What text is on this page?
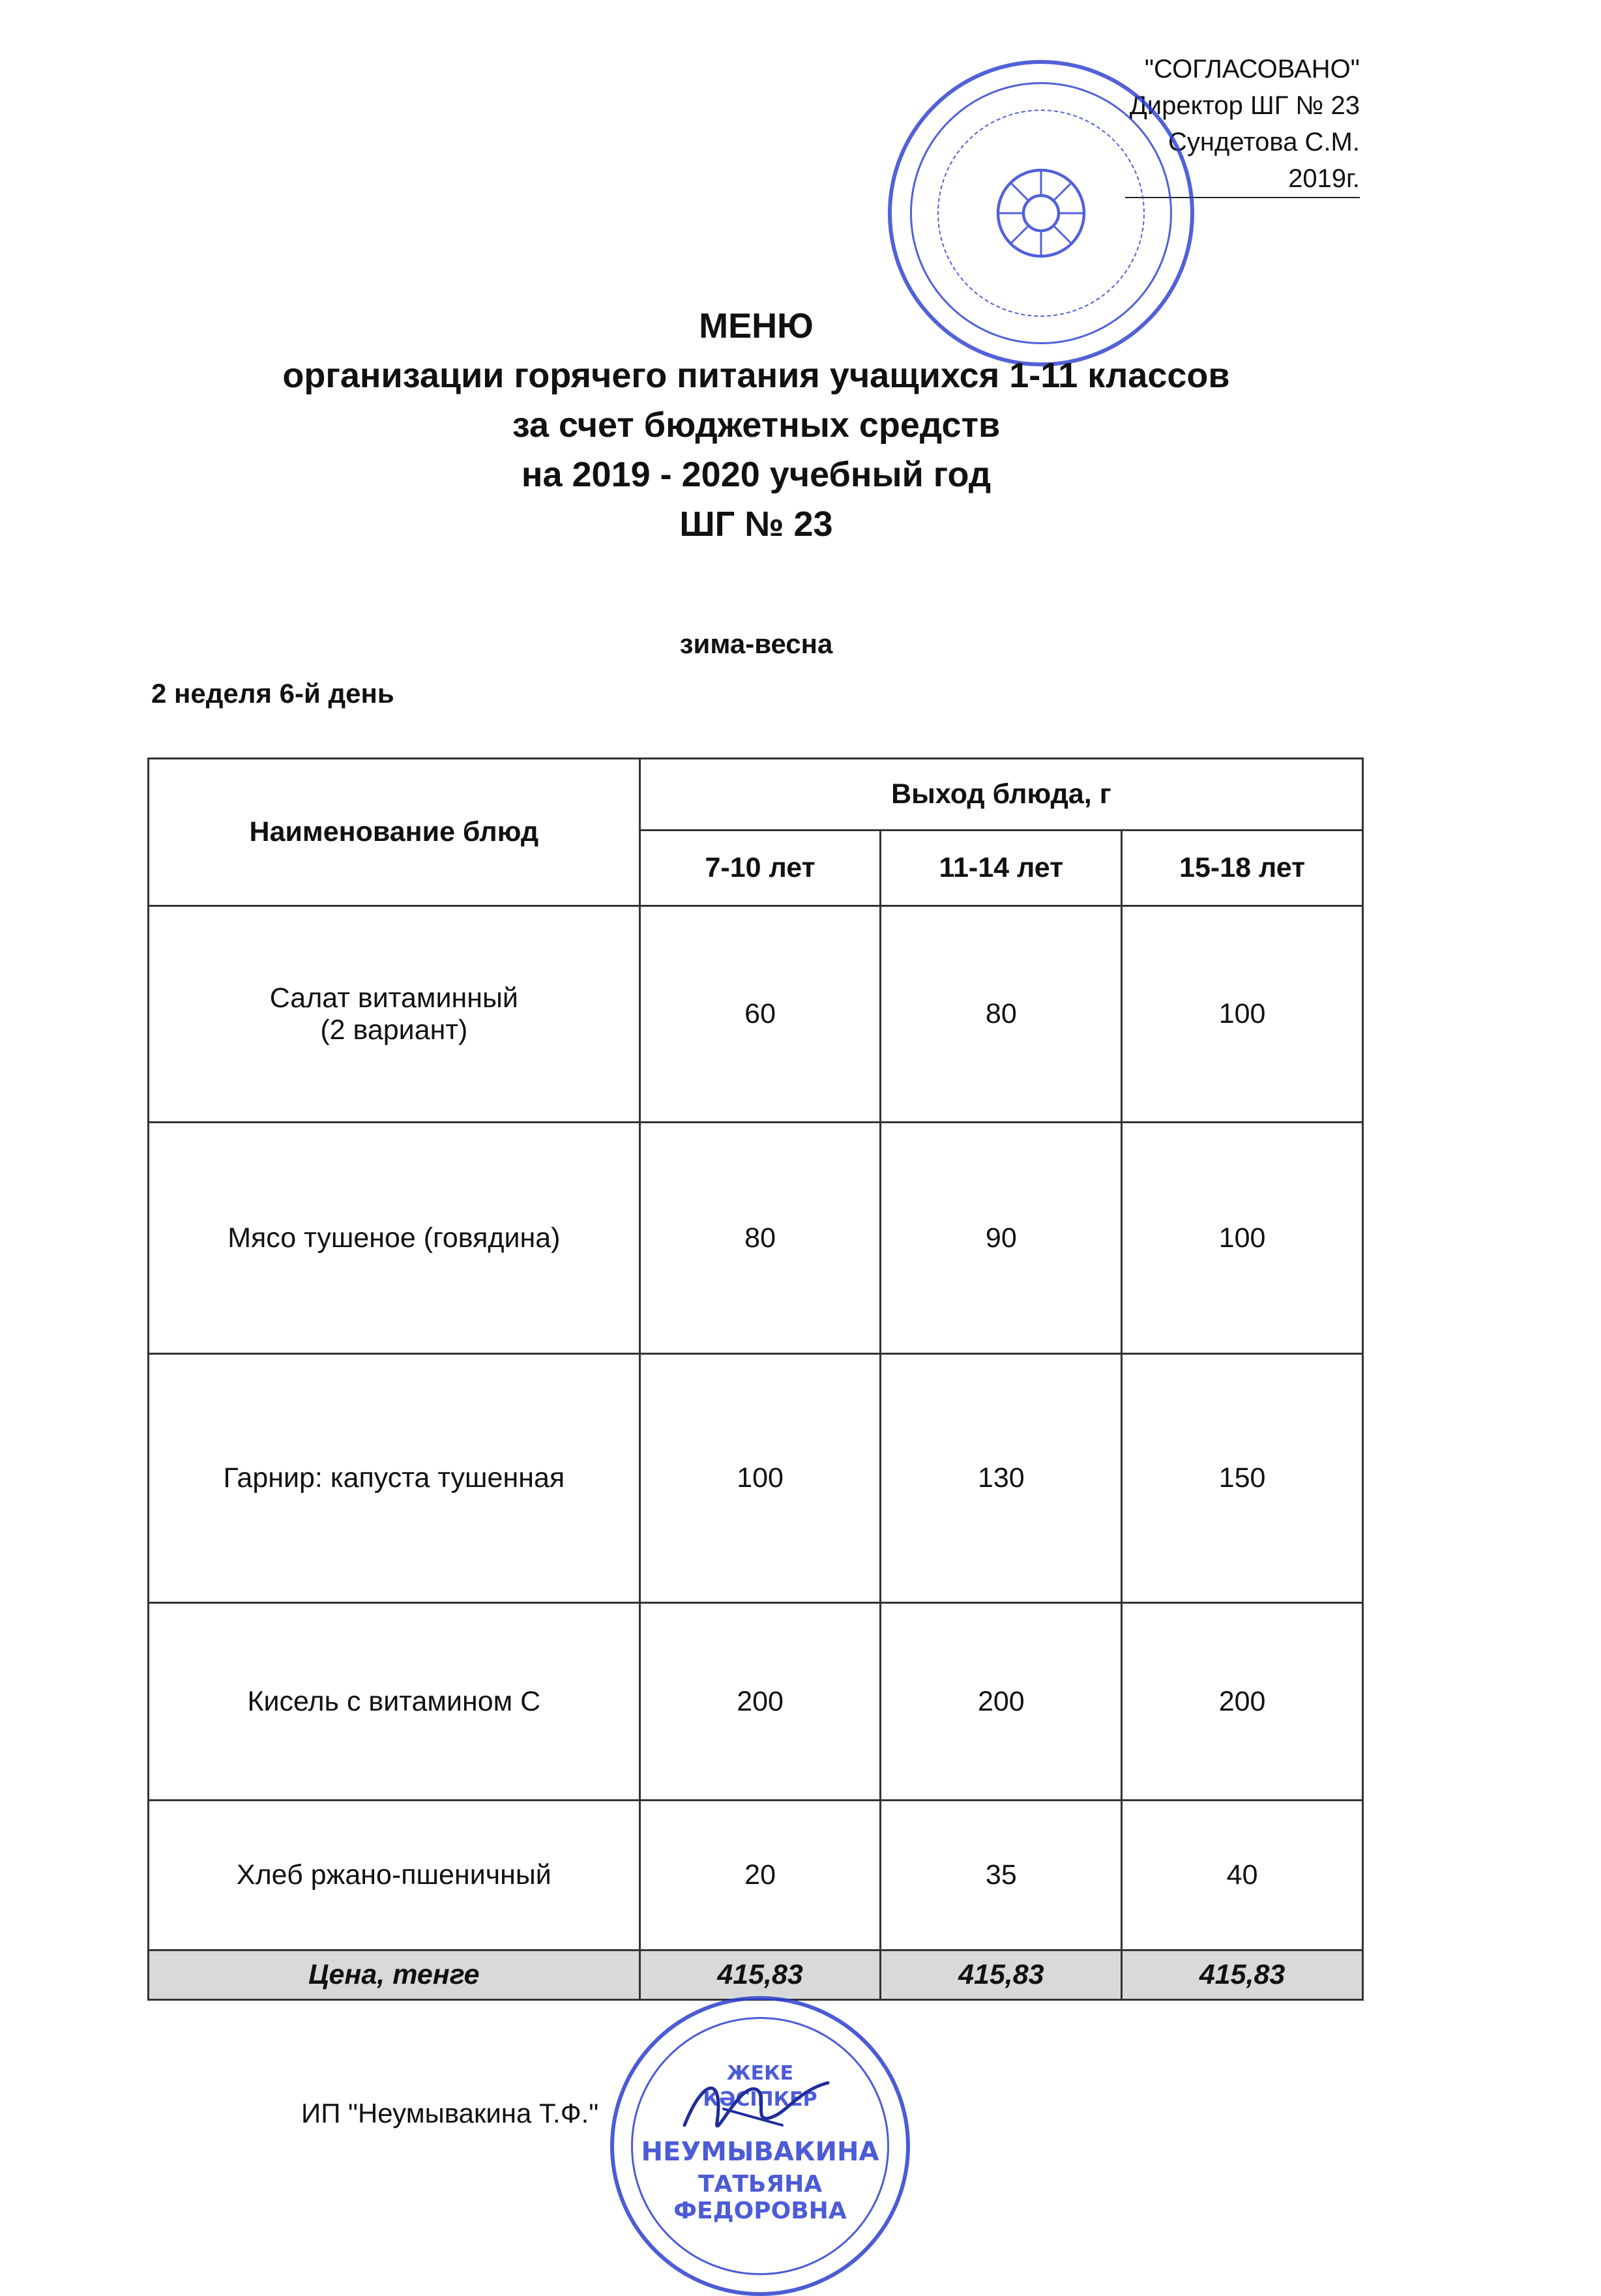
"СОГЛАСОВАНО"
Директор ШГ № 23
Сундетова С.М.
2019г.
МЕНЮ
организации горячего питания учащихся 1-11 классов
за счет бюджетных средств
на 2019 - 2020 учебный год
ШГ № 23
зима-весна
2 неделя 6-й день
Наименование блюд	Выход блюда, г		
	7-10 лет	11-14 лет	15-18 лет

Салат витаминный
(2 вариант)	60	80	100
Мясо тушеное (говядина)	80	90	100
Гарнир: капуста тушенная	100	130	150
Кисель с витамином С	200	200	200
Хлеб ржано-пшеничный	20	35	40
Цена, тенге	415,83	415,83	415,83
ИП "Неумывакина Т.Ф."
ЖЕКЕ
КӘСІПКЕР
НЕУМЫВАКИНА
ТАТЬЯНА ФЕДОРОВНА
